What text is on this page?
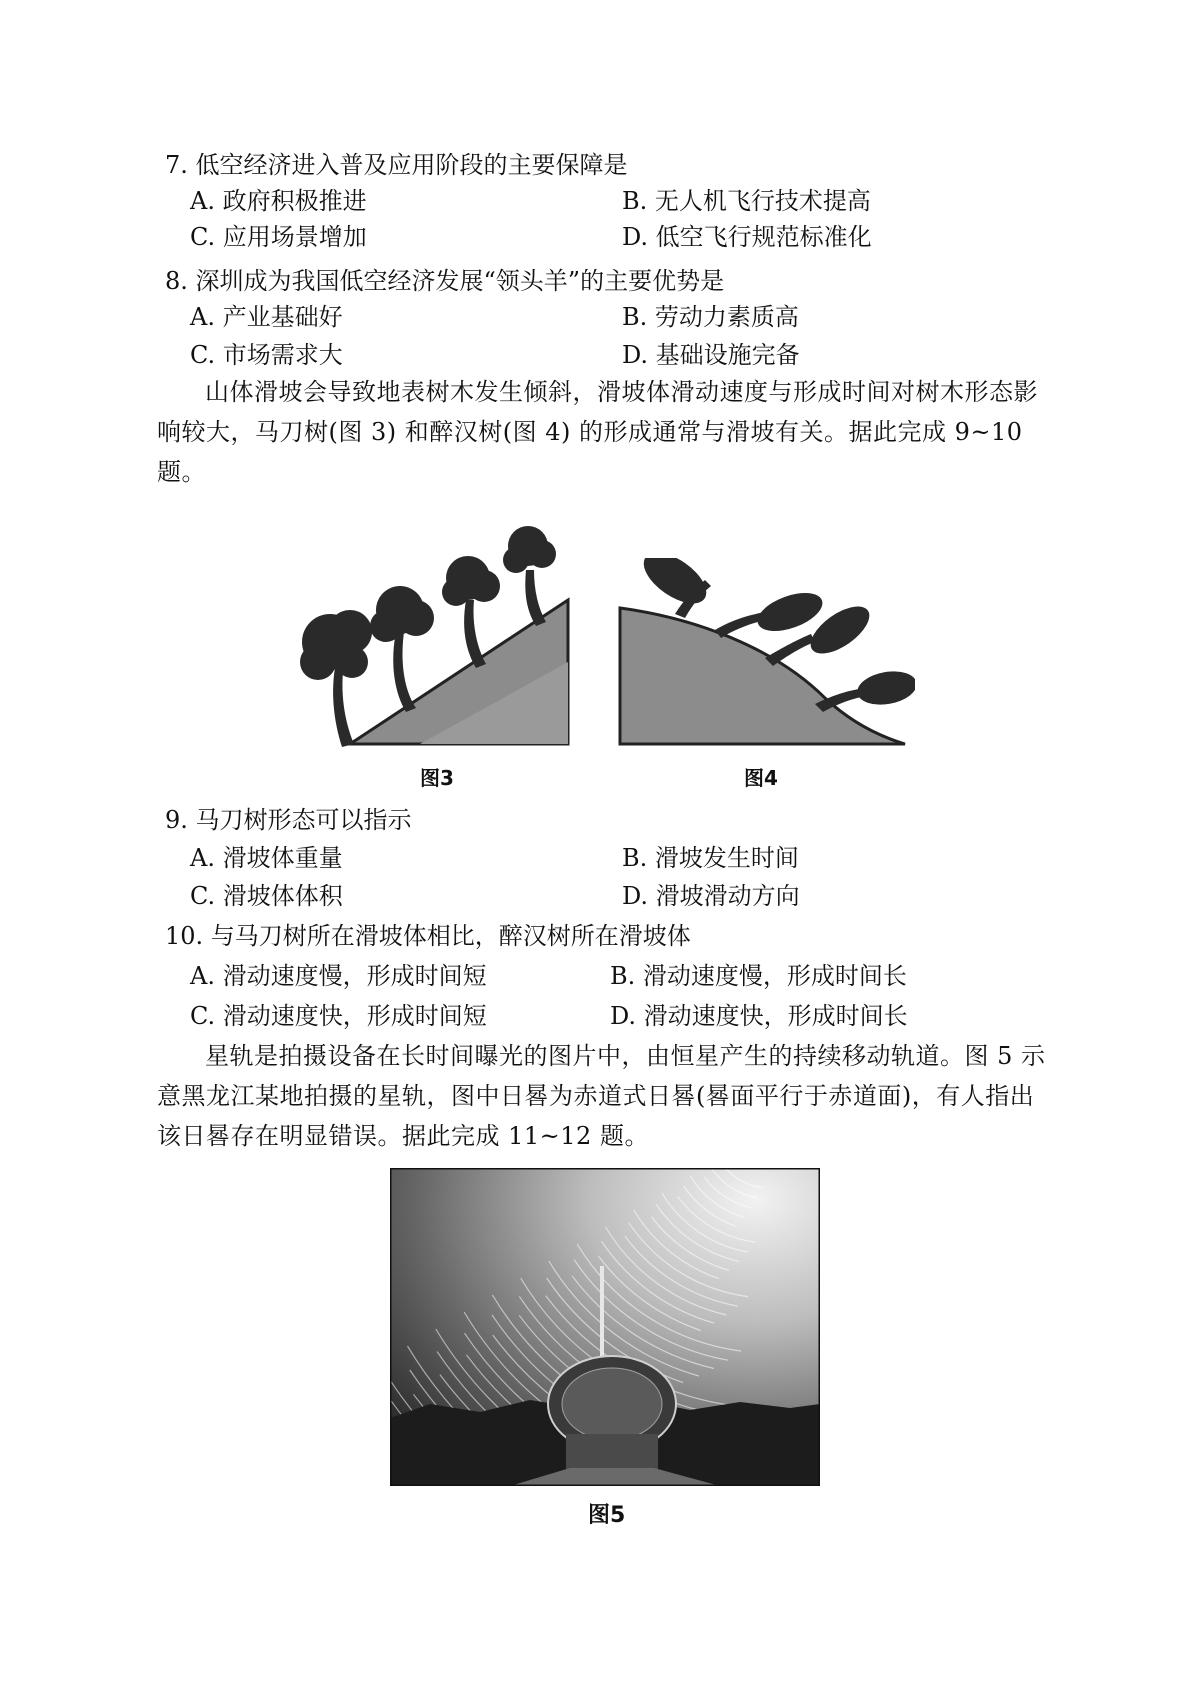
7. 低空经济进入普及应用阶段的主要保障是
A. 政府积极推进	B. 无人机飞行技术提高
C. 应用场景增加	D. 低空飞行规范标准化
8. 深圳成为我国低空经济发展“领头羊”的主要优势是
A. 产业基础好	B. 劳动力素质高
C. 市场需求大	D. 基础设施完备
山体滑坡会导致地表树木发生倾斜，滑坡体滑动速度与形成时间对树木形态影响较大，马刀树(图 3) 和醉汉树(图 4) 的形成通常与滑坡有关。据此完成 9~10 题。
图3	图4
9. 马刀树形态可以指示
A. 滑坡体重量	B. 滑坡发生时间
C. 滑坡体体积	D. 滑坡滑动方向
10. 与马刀树所在滑坡体相比，醉汉树所在滑坡体
A. 滑动速度慢，形成时间短	B. 滑动速度慢，形成时间长
C. 滑动速度快，形成时间短	D. 滑动速度快，形成时间长
星轨是拍摄设备在长时间曝光的图片中，由恒星产生的持续移动轨道。图 5 示意黑龙江某地拍摄的星轨，图中日晷为赤道式日晷(晷面平行于赤道面)，有人指出该日晷存在明显错误。据此完成 11~12 题。
图5
